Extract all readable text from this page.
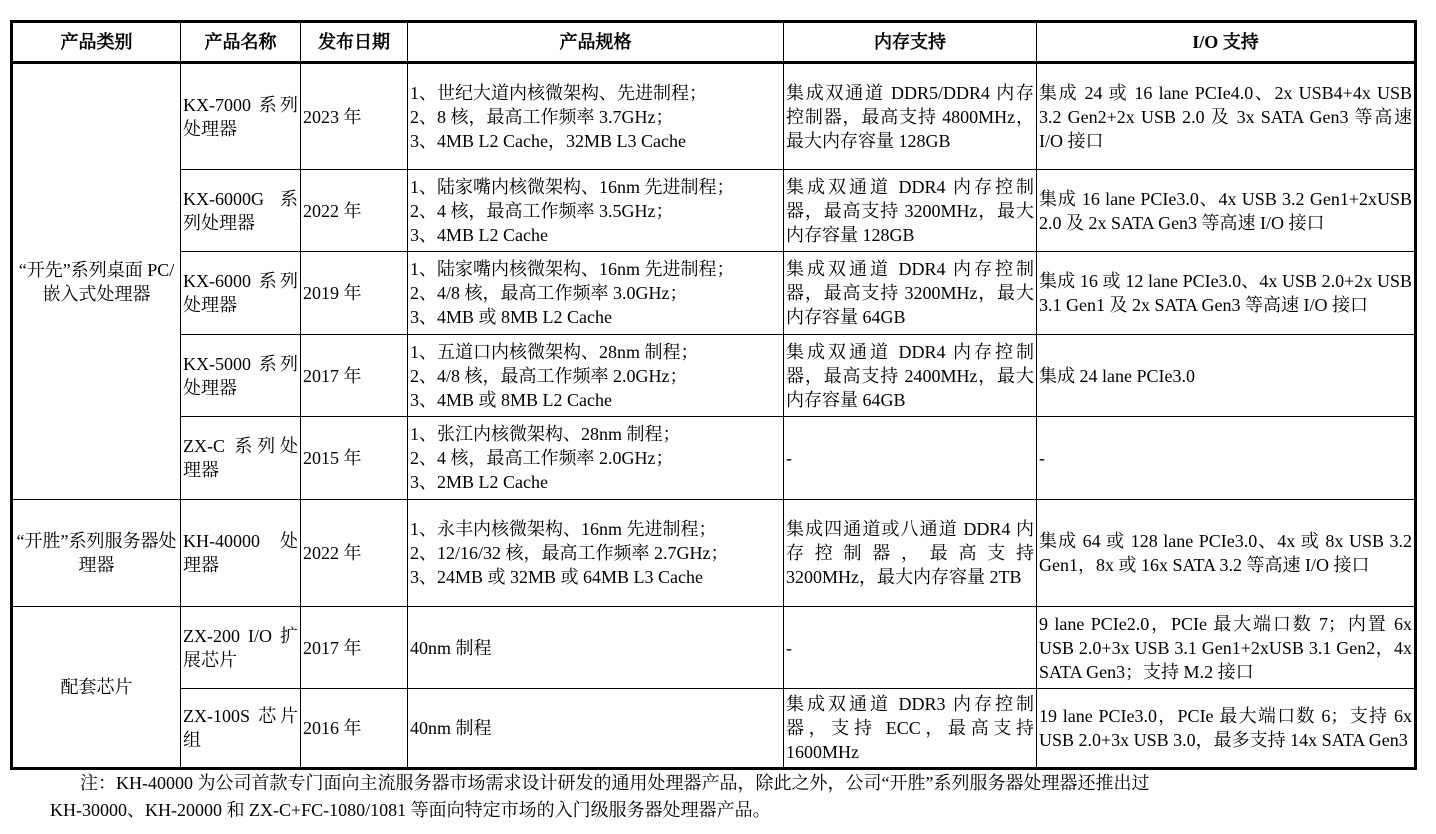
产品类别	产品名称	发布日期	产品规格	内存支持	I/O 支持
“开先”系列桌面 PC/嵌入式处理器	KX-7000 系列处理器	2023 年	1、世纪大道内核微架构、先进制程；
2、8 核，最高工作频率 3.7GHz；
3、4MB L2 Cache，32MB L3 Cache	集成双通道 DDR5/DDR4 内存控制器，最高支持 4800MHz，最大内存容量 128GB	集成 24 或 16 lane PCIe4.0、2x USB4+4x USB 3.2 Gen2+2x USB 2.0 及 3x SATA Gen3 等高速 I/O 接口
	KX-6000G 系列处理器	2022 年	1、陆家嘴内核微架构、16nm 先进制程；
2、4 核，最高工作频率 3.5GHz；
3、4MB L2 Cache	集成双通道 DDR4 内存控制器，最高支持 3200MHz，最大内存容量 128GB	集成 16 lane PCIe3.0、4x USB 3.2 Gen1+2xUSB 2.0 及 2x SATA Gen3 等高速 I/O 接口
	KX-6000 系列处理器	2019 年	1、陆家嘴内核微架构、16nm 先进制程；
2、4/8 核，最高工作频率 3.0GHz；
3、4MB 或 8MB L2 Cache	集成双通道 DDR4 内存控制器，最高支持 3200MHz，最大内存容量 64GB	集成 16 或 12 lane PCIe3.0、4x USB 2.0+2x USB 3.1 Gen1 及 2x SATA Gen3 等高速 I/O 接口
	KX-5000 系列处理器	2017 年	1、五道口内核微架构、28nm 制程；
2、4/8 核，最高工作频率 2.0GHz；
3、4MB 或 8MB L2 Cache	集成双通道 DDR4 内存控制器，最高支持 2400MHz，最大内存容量 64GB	集成 24 lane PCIe3.0
	ZX-C 系列处理器	2015 年	1、张江内核微架构、28nm 制程；
2、4 核，最高工作频率 2.0GHz；
3、2MB L2 Cache	-	-
“开胜”系列服务器处理器	KH-40000 处理器	2022 年	1、永丰内核微架构、16nm 先进制程；
2、12/16/32 核，最高工作频率 2.7GHz；
3、24MB 或 32MB 或 64MB L3 Cache	集成四通道或八通道 DDR4 内存控制器，最高支持 3200MHz，最大内存容量 2TB	集成 64 或 128 lane PCIe3.0、4x 或 8x USB 3.2 Gen1，8x 或 16x SATA 3.2 等高速 I/O 接口
配套芯片	ZX-200 I/O 扩展芯片	2017 年	40nm 制程	-	9 lane PCIe2.0，PCIe 最大端口数 7；内置 6x USB 2.0+3x USB 3.1 Gen1+2xUSB 3.1 Gen2，4x SATA Gen3；支持 M.2 接口
	ZX-100S 芯片组	2016 年	40nm 制程	集成双通道 DDR3 内存控制器，支持 ECC，最高支持 1600MHz	19 lane PCIe3.0，PCIe 最大端口数 6；支持 6x USB 2.0+3x USB 3.0，最多支持 14x SATA Gen3

注：KH-40000 为公司首款专门面向主流服务器市场需求设计研发的通用处理器产品，除此之外，公司“开胜”系列服务器处理器还推出过

KH-30000、KH-20000 和 ZX-C+FC-1080/1081 等面向特定市场的入门级服务器处理器产品。
